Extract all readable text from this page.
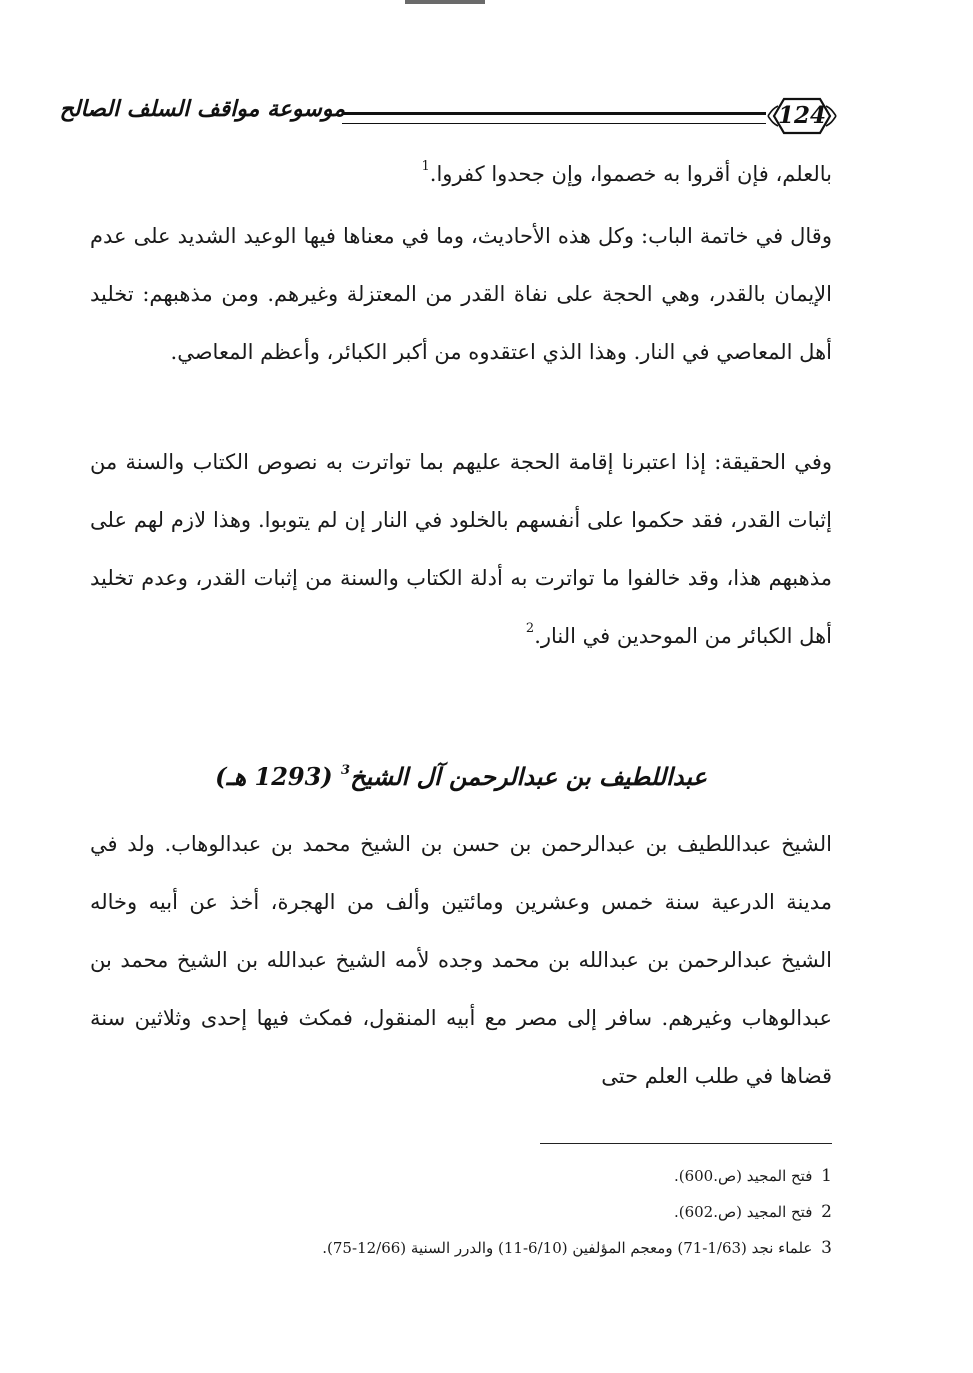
موسوعة مواقف السلف الصالح	124

بالعلم، فإن أقروا به خصموا، وإن جحدوا كفروا.$^1$

وقال في خاتمة الباب: وكل هذه الأحاديث، وما في معناها فيها الوعيد الشديد على عدم الإيمان بالقدر، وهي الحجة على نفاة القدر من المعتزلة وغيرهم. ومن مذهبهم: تخليد أهل المعاصي في النار. وهذا الذي اعتقدوه من أكبر الكبائر، وأعظم المعاصي.

وفي الحقيقة: إذا اعتبرنا إقامة الحجة عليهم بما تواترت به نصوص الكتاب والسنة من إثبات القدر، فقد حكموا على أنفسهم بالخلود في النار إن لم يتوبوا. وهذا لازم لهم على مذهبهم هذا، وقد خالفوا ما تواترت به أدلة الكتاب والسنة من إثبات القدر، وعدم تخليد أهل الكبائر من الموحدين في النار.$^2$

عبداللطيف بن عبدالرحمن آل الشيخ$^3$ (1293 هـ)

الشيخ عبداللطيف بن عبدالرحمن بن حسن بن الشيخ محمد بن عبدالوهاب. ولد في مدينة الدرعية سنة خمس وعشرين ومائتين وألف من الهجرة، أخذ عن أبيه وخاله الشيخ عبدالرحمن بن عبدالله بن محمد وجده لأمه الشيخ عبدالله بن الشيخ محمد بن عبدالوهاب وغيرهم. سافر إلى مصر مع أبيه المنقول، فمكث فيها إحدى وثلاثين سنة قضاها في طلب العلم حتى

1 فتح المجيد (ص.600).
2 فتح المجيد (ص.602).
3 علماء نجد (1/63-71) ومعجم المؤلفين (6/10-11) والدرر السنية (12/66-75).
